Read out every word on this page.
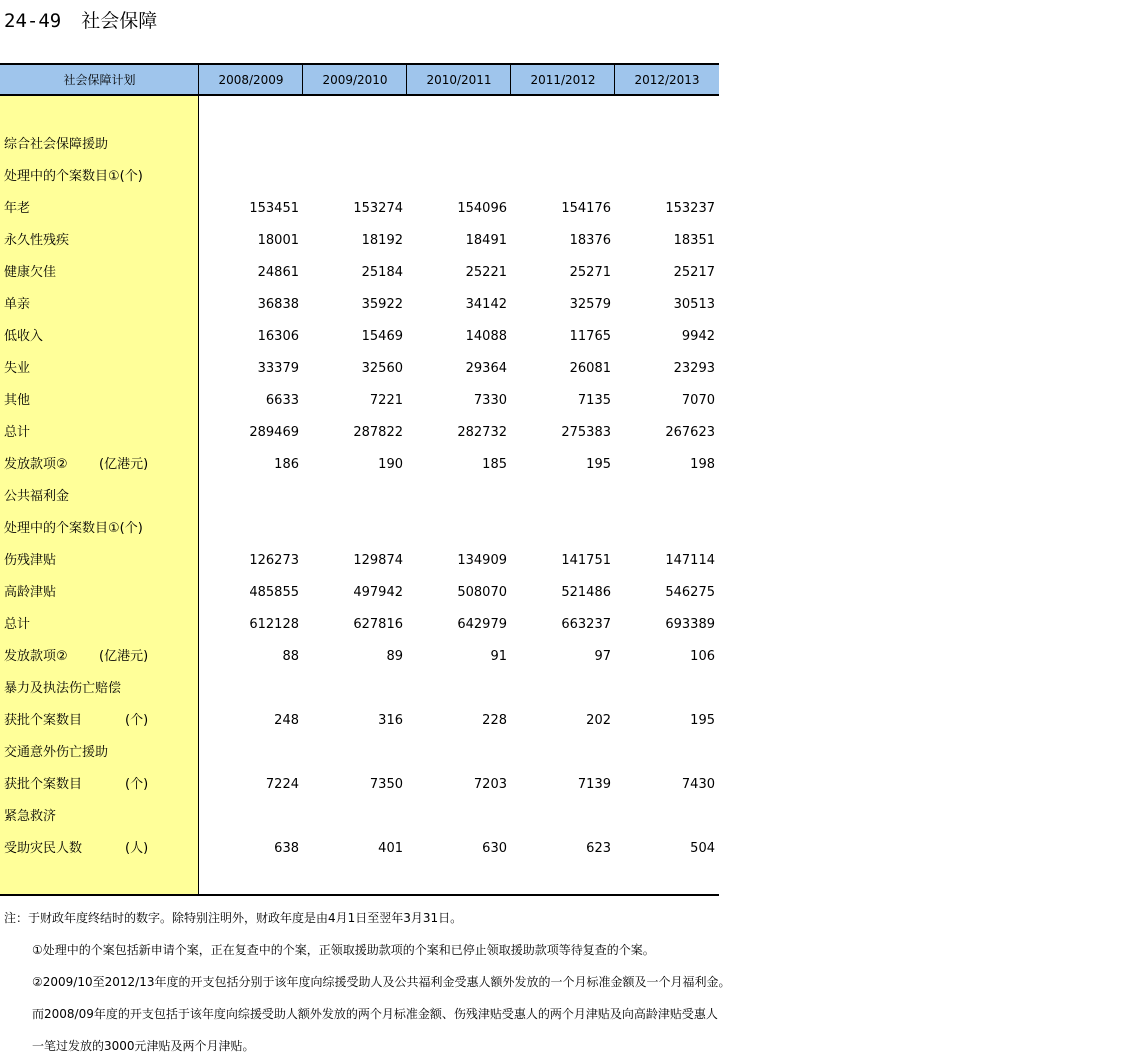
24-49 社会保障
社会保障计划	2008/2009	2009/2010	2010/2011	2011/2012	2012/2013
综合社会保障援助
处理中的个案数目①(个)
年老	153451	153274	154096	154176	153237
永久性残疾	18001	18192	18491	18376	18351
健康欠佳	24861	25184	25221	25271	25217
单亲	36838	35922	34142	32579	30513
低收入	16306	15469	14088	11765	9942
失业	33379	32560	29364	26081	23293
其他	6633	7221	7330	7135	7070
总计	289469	287822	282732	275383	267623
发放款项② (亿港元)	186	190	185	195	198
公共福利金
处理中的个案数目①(个)
伤残津贴	126273	129874	134909	141751	147114
高龄津贴	485855	497942	508070	521486	546275
总计	612128	627816	642979	663237	693389
发放款项② (亿港元)	88	89	91	97	106
暴力及执法伤亡赔偿
获批个案数目	(个)	248	316	228	202	195
交通意外伤亡援助
获批个案数目	(个)	7224	7350	7203	7139	7430
紧急救济
受助灾民人数	(人)	638	401	630	623	504
注：于财政年度终结时的数字。除特别注明外，财政年度是由4月1日至翌年3月31日。
①处理中的个案包括新申请个案，正在复查中的个案，正领取援助款项的个案和已停止领取援助款项等待复查的个案。
②2009/10至2012/13年度的开支包括分别于该年度向综援受助人及公共福利金受惠人额外发放的一个月标准金额及一个月福利金。
而2008/09年度的开支包括于该年度向综援受助人额外发放的两个月标准金额、伤残津贴受惠人的两个月津贴及向高龄津贴受惠人
一笔过发放的3000元津贴及两个月津贴。
